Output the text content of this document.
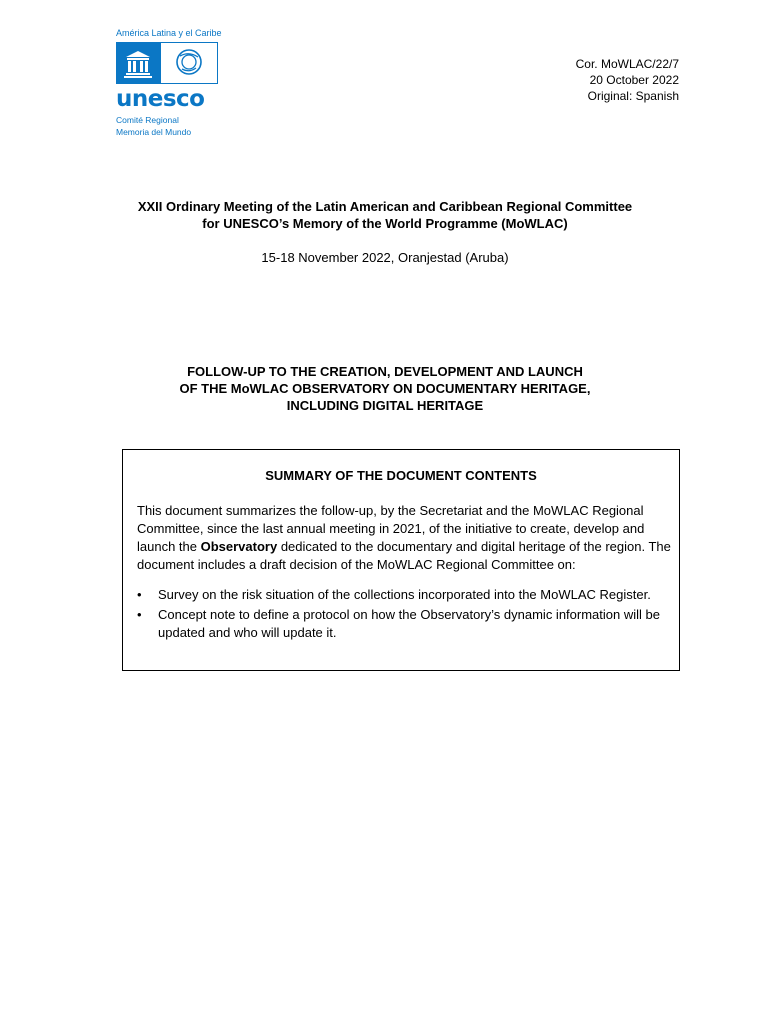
América Latina y el Caribe
unesco
Comité Regional
Memoria del Mundo
Cor. MoWLAC/22/7
20 October 2022
Original: Spanish
XXII Ordinary Meeting of the Latin American and Caribbean Regional Committee
for UNESCO’s Memory of the World Programme (MoWLAC)
15-18 November 2022, Oranjestad (Aruba)
FOLLOW-UP TO THE CREATION, DEVELOPMENT AND LAUNCH
OF THE MoWLAC OBSERVATORY ON DOCUMENTARY HERITAGE,
INCLUDING DIGITAL HERITAGE
SUMMARY OF THE DOCUMENT CONTENTS
This document summarizes the follow-up, by the Secretariat and the MoWLAC Regional Committee, since the last annual meeting in 2021, of the initiative to create, develop and launch the Observatory dedicated to the documentary and digital heritage of the region. The document includes a draft decision of the MoWLAC Regional Committee on:
• Survey on the risk situation of the collections incorporated into the MoWLAC Register.
• Concept note to define a protocol on how the Observatory’s dynamic information will be updated and who will update it.
